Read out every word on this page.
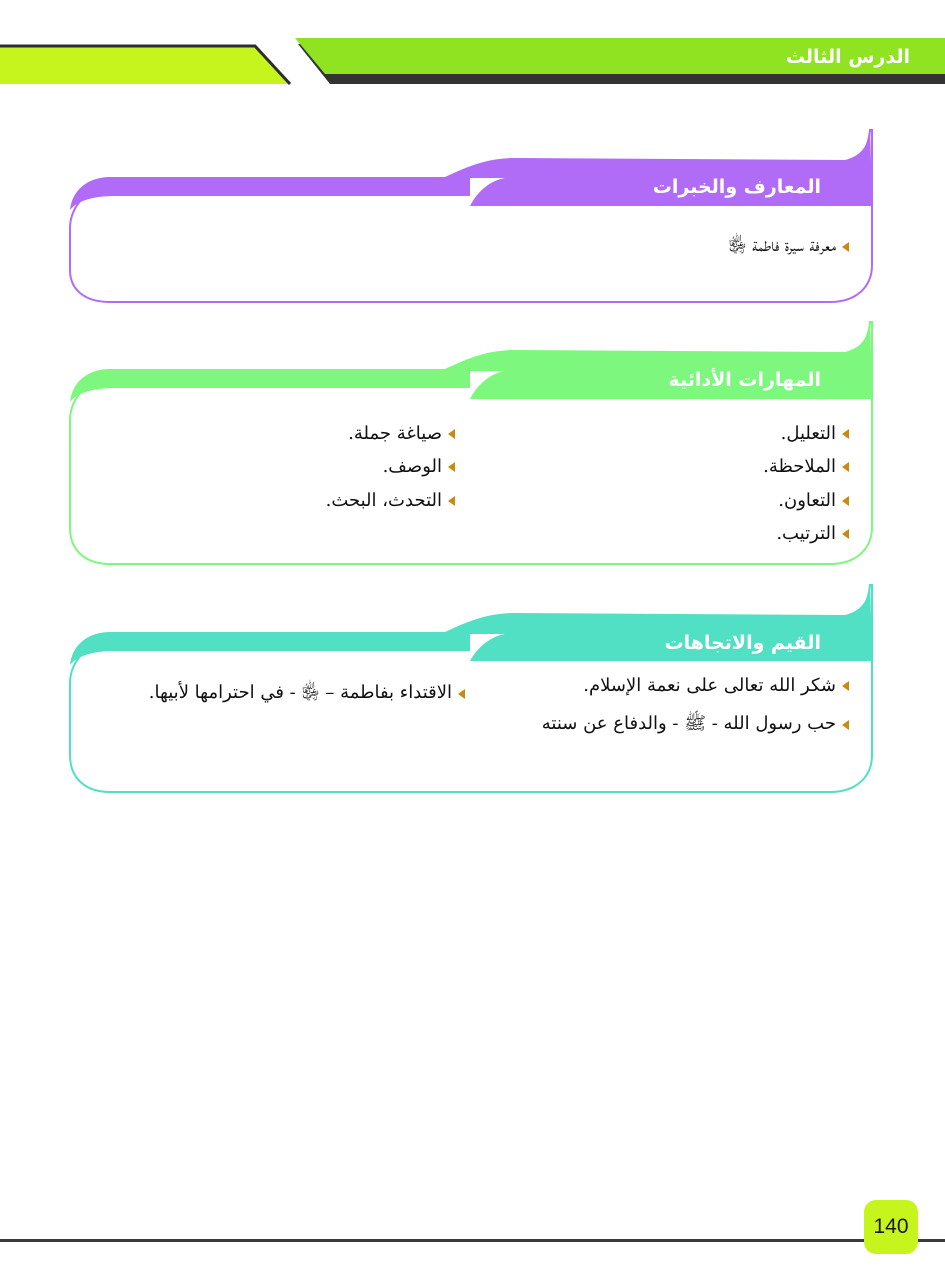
الدرس الثالث
المعارف والخبرات
معرفة سيرة فاطمة ﵂
المهارات الأدائية
التعليل.
الملاحظة.
التعاون.
الترتيب.
صياغة جملة.
الوصف.
التحدث، البحث.
القيم والاتجاهات
شكر الله تعالى على نعمة الإسلام.
حب رسول الله - ﷺ - والدفاع عن سنته
الاقتداء بفاطمة – ﵂ - في احترامها لأبيها.
140
